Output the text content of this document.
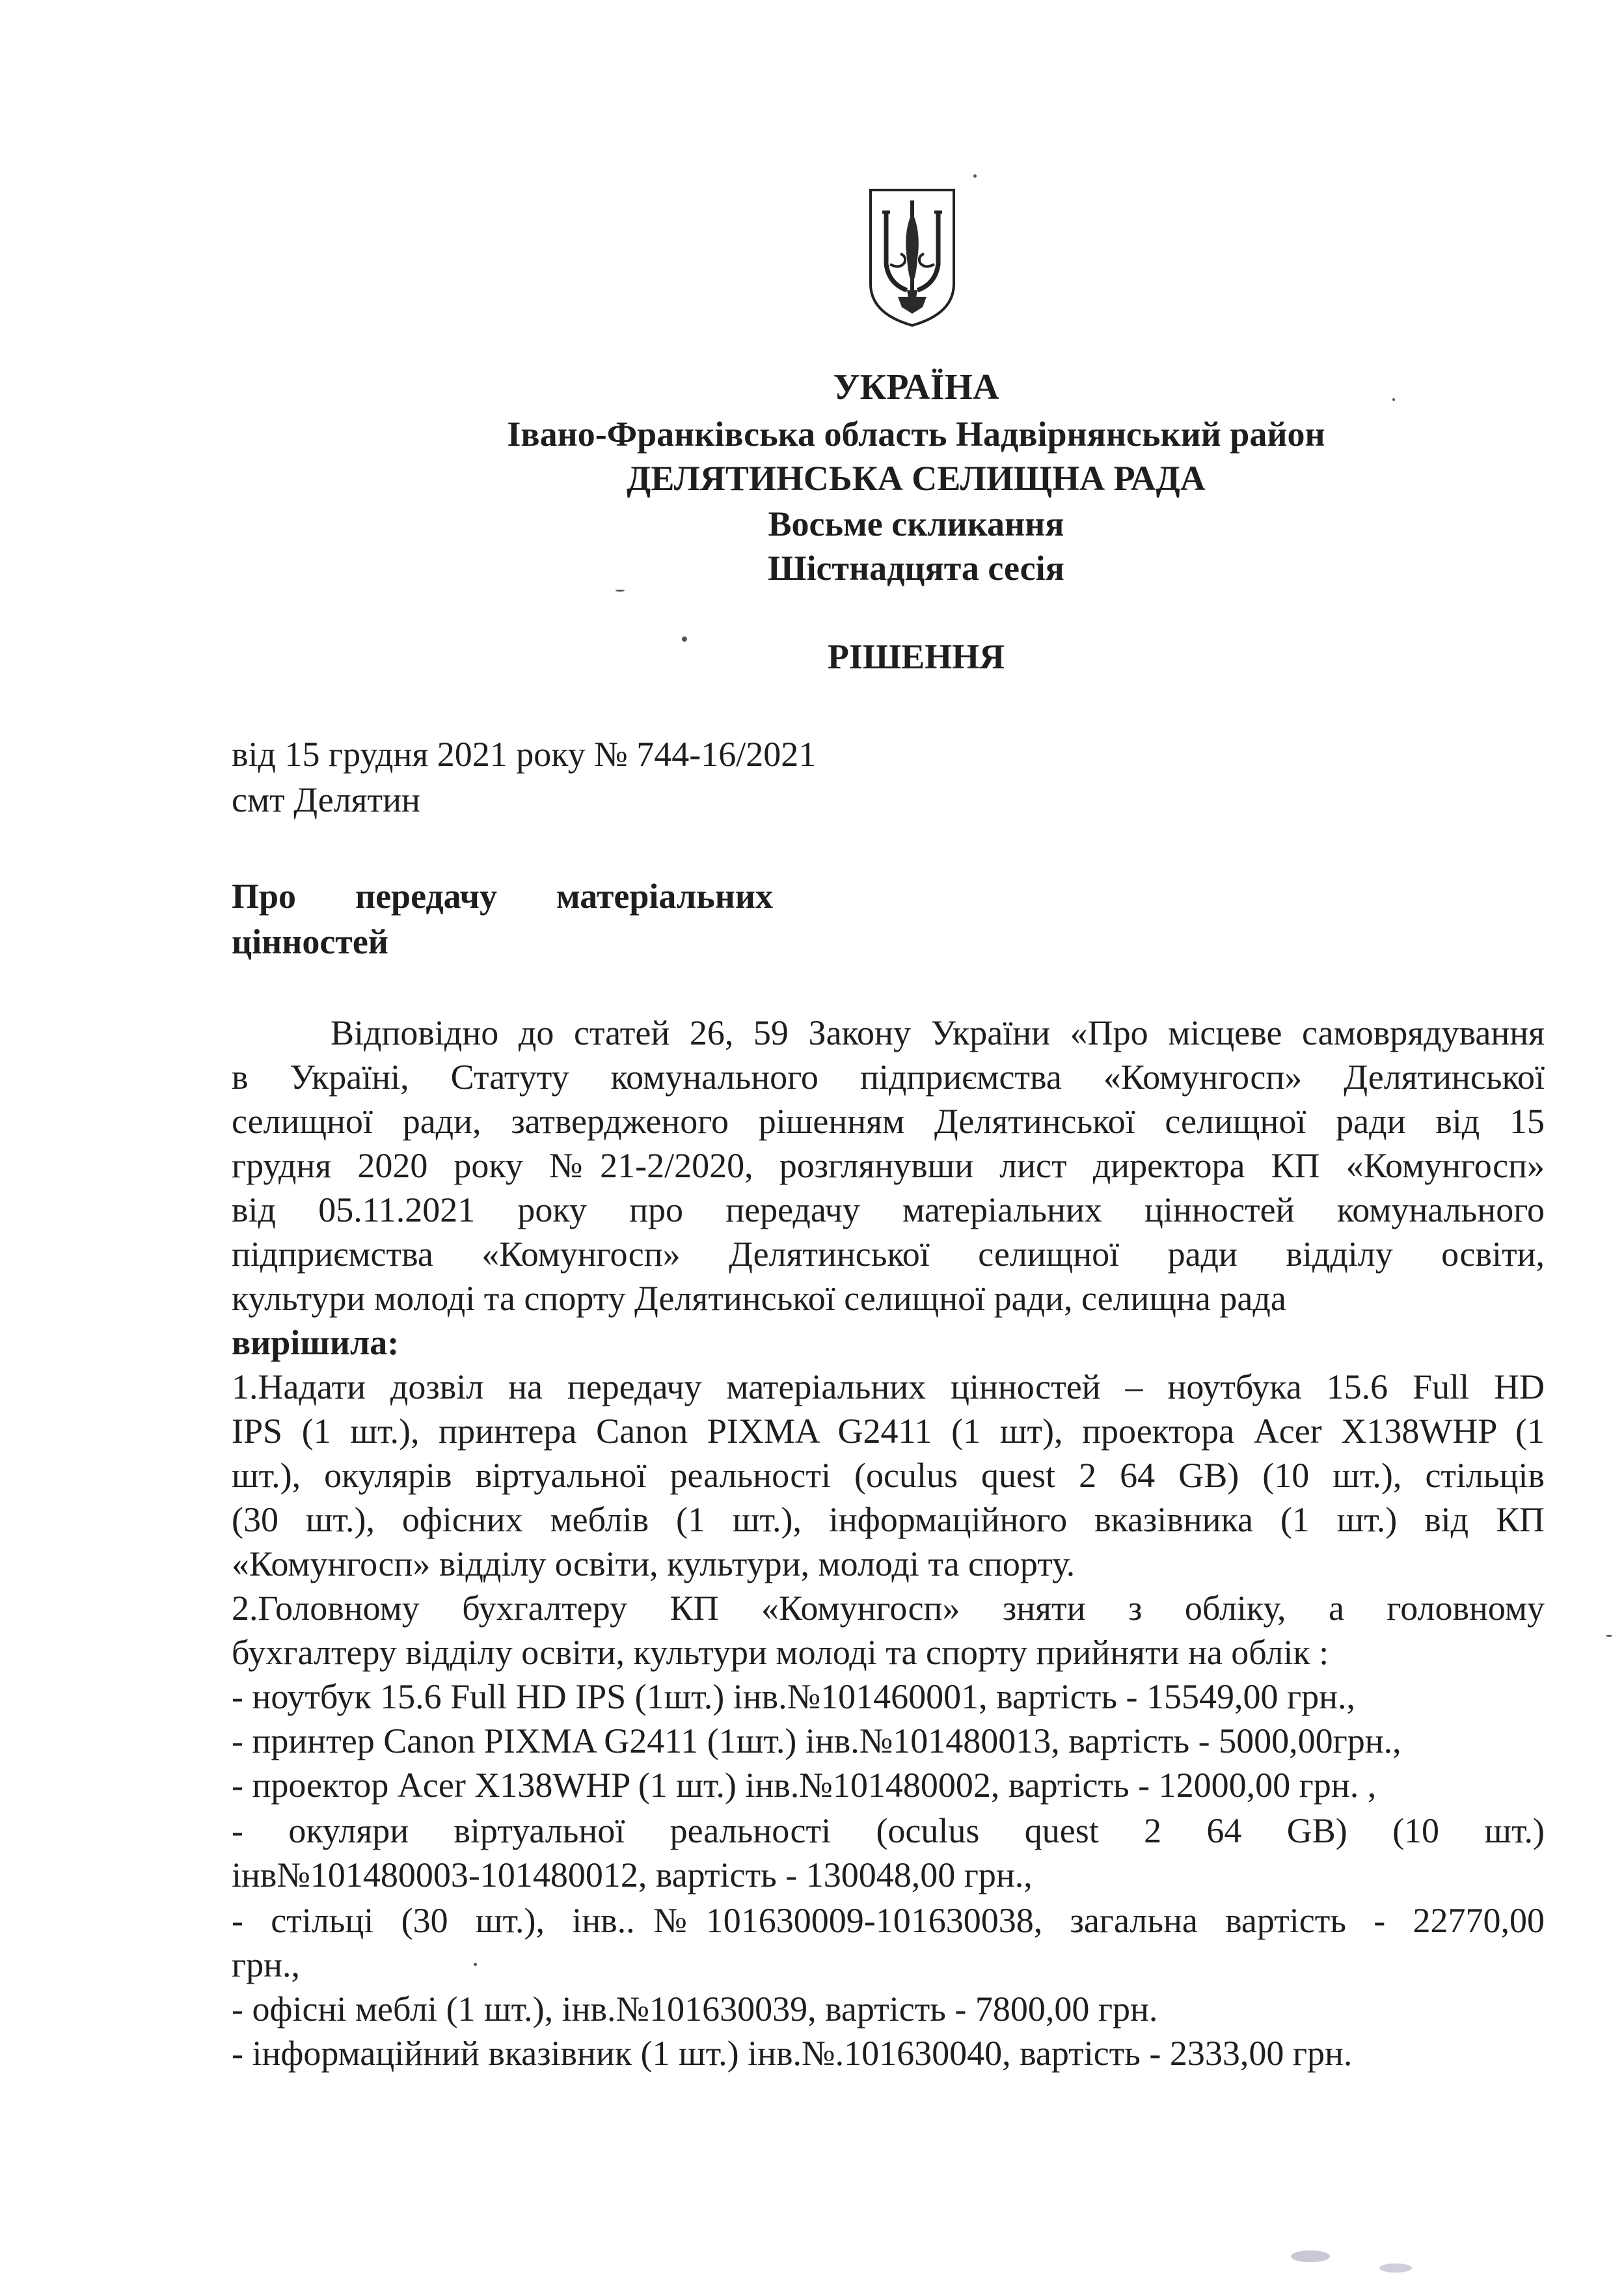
УКРАЇНА
Івано-Франківська область Надвірнянський район
ДЕЛЯТИНСЬКА СЕЛИЩНА РАДА
Восьме скликання
Шістнадцята сесія
РІШЕННЯ
від 15 грудня 2021 року № 744-16/2021
смт Делятин
Про передачу матеріальних
цінностей
Відповідно до статей 26, 59 Закону України «Про місцеве самоврядування
в Україні, Статуту комунального підприємства «Комунгосп» Делятинської
селищної ради, затвердженого рішенням Делятинської селищної ради від 15
грудня 2020 року №21-2/2020, розглянувши лист директора КП «Комунгосп»
від 05.11.2021 року про передачу матеріальних цінностей комунального
підприємства «Комунгосп» Делятинської селищної ради відділу освіти,
культури молоді та спорту Делятинської селищної ради, селищна рада
вирішила:
1.Надати дозвіл на передачу матеріальних цінностей – ноутбука 15.6 Full HD
IPS (1 шт.), принтера Canon PIXMA G2411 (1 шт), проектора Acer X138WHP (1
шт.), окулярів віртуальної реальності (oculus quest 2 64 GB) (10 шт.), стільців
(30 шт.), офісних меблів (1 шт.), інформаційного вказівника (1 шт.) від КП
«Комунгосп» відділу освіти, культури, молоді та спорту.
2.Головному бухгалтеру КП «Комунгосп» зняти з обліку, а головному
бухгалтеру відділу освіти, культури молоді та спорту прийняти на облік :
- ноутбук 15.6 Full HD IPS (1шт.) інв.№101460001, вартість - 15549,00 грн.,
- принтер Canon PIXMA G2411 (1шт.) інв.№101480013, вартість - 5000,00грн.,
- проектор Acer X138WHP (1 шт.) інв.№101480002, вартість - 12000,00 грн. ,
- окуляри віртуальної реальності (oculus quest 2 64 GB) (10 шт.)
інв№101480003-101480012, вартість - 130048,00 грн.,
- стільці (30 шт.), інв..№101630009-101630038, загальна вартість - 22770,00
грн.,
- офісні меблі (1 шт.), інв.№101630039, вартість - 7800,00 грн.
- інформаційний вказівник (1 шт.) інв.№.101630040, вартість - 2333,00 грн.
